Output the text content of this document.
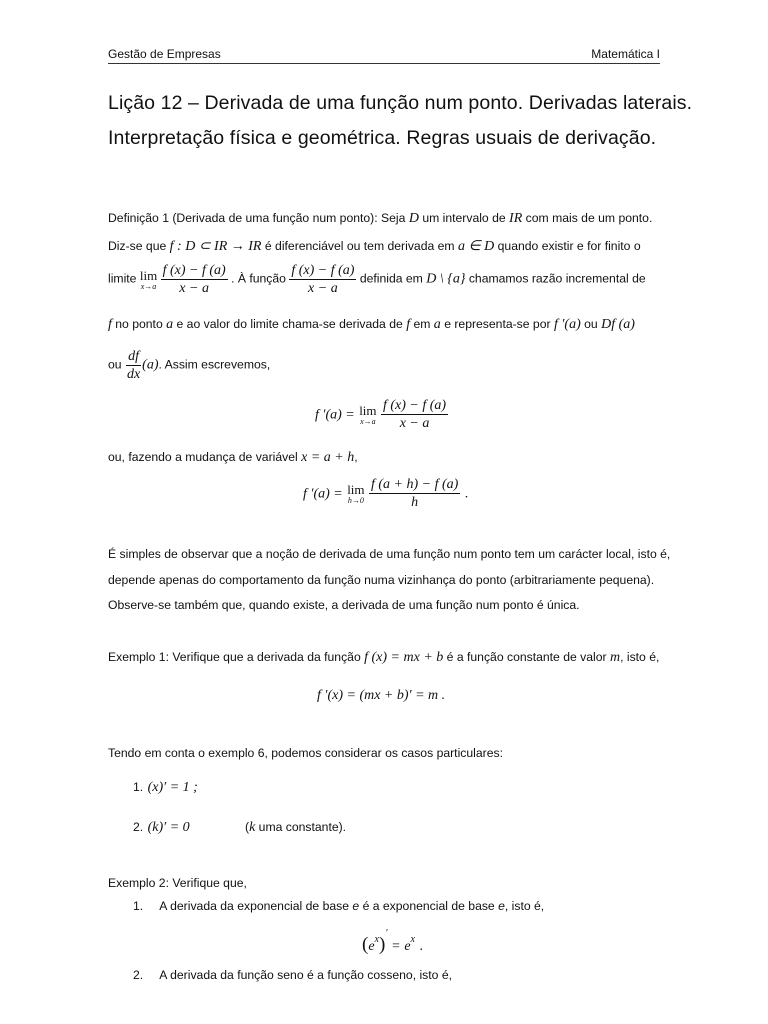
Gestão de Empresas	Matemática I
Lição 12 – Derivada de uma função num ponto. Derivadas laterais.
Interpretação física e geométrica. Regras usuais de derivação.
Definição 1 (Derivada de uma função num ponto): Seja D um intervalo de IR com mais de um ponto.
Diz-se que f : D ⊂ IR → IR é diferenciável ou tem derivada em a ∈ D quando existir e for finito o
limite lim
x→a
$\frac{f (x) - f (a)}{x - a}$ . À função $\frac{f (x) - f (a)}{x - a}$ definida em D \ {a} chamamos razão incremental de
f no ponto a e ao valor do limite chama-se derivada de f em a e representa-se por f ′(a) ou Df (a)
ou $\frac{df}{dx} (a)$. Assim escrevemos,
f ′(a) = lim
x→a
$\frac{f (x) - f (a)}{x - a}$
ou, fazendo a mudança de variável x = a + h,
f ′(a) = lim
h→0
$\frac{f (a + h) - f (a)}{h}$ .
É simples de observar que a noção de derivada de uma função num ponto tem um carácter local, isto é,
depende apenas do comportamento da função numa vizinhança do ponto (arbitrariamente pequena).
Observe-se também que, quando existe, a derivada de uma função num ponto é única.
Exemplo 1: Verifique que a derivada da função f (x) = mx + b é a função constante de valor m, isto é,
f ′(x) = (mx + b)′ = m .
Tendo em conta o exemplo 6, podemos considerar os casos particulares:
1. (x)′ = 1 ;
2. (k)′ = 0	(k uma constante).
Exemplo 2: Verifique que,
1. A derivada da exponencial de base e é a exponencial de base e, isto é,
$(e^x)' = e^x$ .
2. A derivada da função seno é a função cosseno, isto é,
